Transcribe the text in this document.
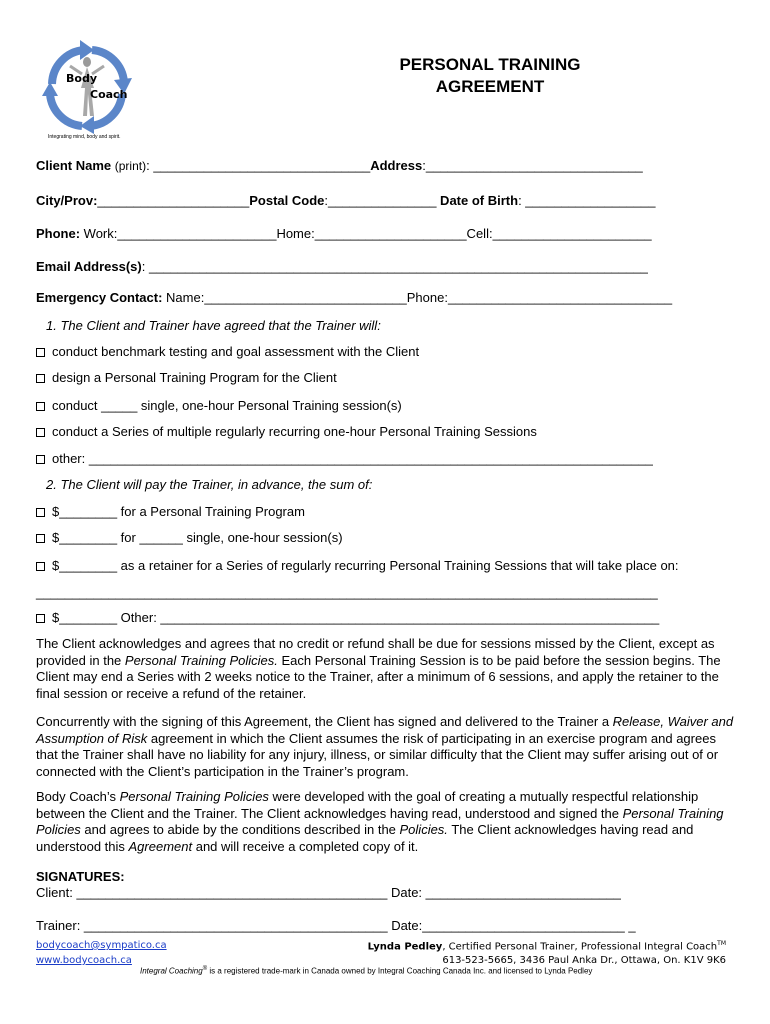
Body
Coach
Integrating mind, body and spirit.
PERSONAL TRAINING
AGREEMENT
Client Name (print): ______________________________Address:______________________________
City/Prov:_____________________Postal Code:_______________ Date of Birth: __________________
Phone: Work:______________________Home:_____________________Cell:______________________
Email Address(s): _____________________________________________________________________
Emergency Contact: Name:____________________________Phone:_______________________________
1. The Client and Trainer have agreed that the Trainer will:
conduct benchmark testing and goal assessment with the Client
design a Personal Training Program for the Client
conduct _____ single, one-hour Personal Training session(s)
conduct a Series of multiple regularly recurring one-hour Personal Training Sessions
other: ______________________________________________________________________________
2. The Client will pay the Trainer, in advance, the sum of:
$________ for a Personal Training Program
$________ for ______ single, one-hour session(s)
$________ as a retainer for a Series of regularly recurring Personal Training Sessions that will take place on:
______________________________________________________________________________________
$________ Other: _____________________________________________________________________
The Client acknowledges and agrees that no credit or refund shall be due for sessions missed by the Client, except as provided in the Personal Training Policies. Each Personal Training Session is to be paid before the session begins. The Client may end a Series with 2 weeks notice to the Trainer, after a minimum of 6 sessions, and apply the retainer to the final session or receive a refund of the retainer.
Concurrently with the signing of this Agreement, the Client has signed and delivered to the Trainer a Release, Waiver and Assumption of Risk agreement in which the Client assumes the risk of participating in an exercise program and agrees that the Trainer shall have no liability for any injury, illness, or similar difficulty that the Client may suffer arising out of or connected with the Client’s participation in the Trainer’s program.
Body Coach’s Personal Training Policies were developed with the goal of creating a mutually respectful relationship between the Client and the Trainer. The Client acknowledges having read, understood and signed the Personal Training Policies and agrees to abide by the conditions described in the Policies. The Client acknowledges having read and understood this Agreement and will receive a completed copy of it.
SIGNATURES:
Client: ___________________________________________ Date: ___________________________
Trainer: __________________________________________ Date:____________________________ _
bodycoach@sympatico.ca
www.bodycoach.ca
Lynda Pedley, Certified Personal Trainer, Professional Integral Coach™
613-523-5665, 3436 Paul Anka Dr., Ottawa, On. K1V 9K6
Integral Coaching® is a registered trade-mark in Canada owned by Integral Coaching Canada Inc. and licensed to Lynda Pedley
